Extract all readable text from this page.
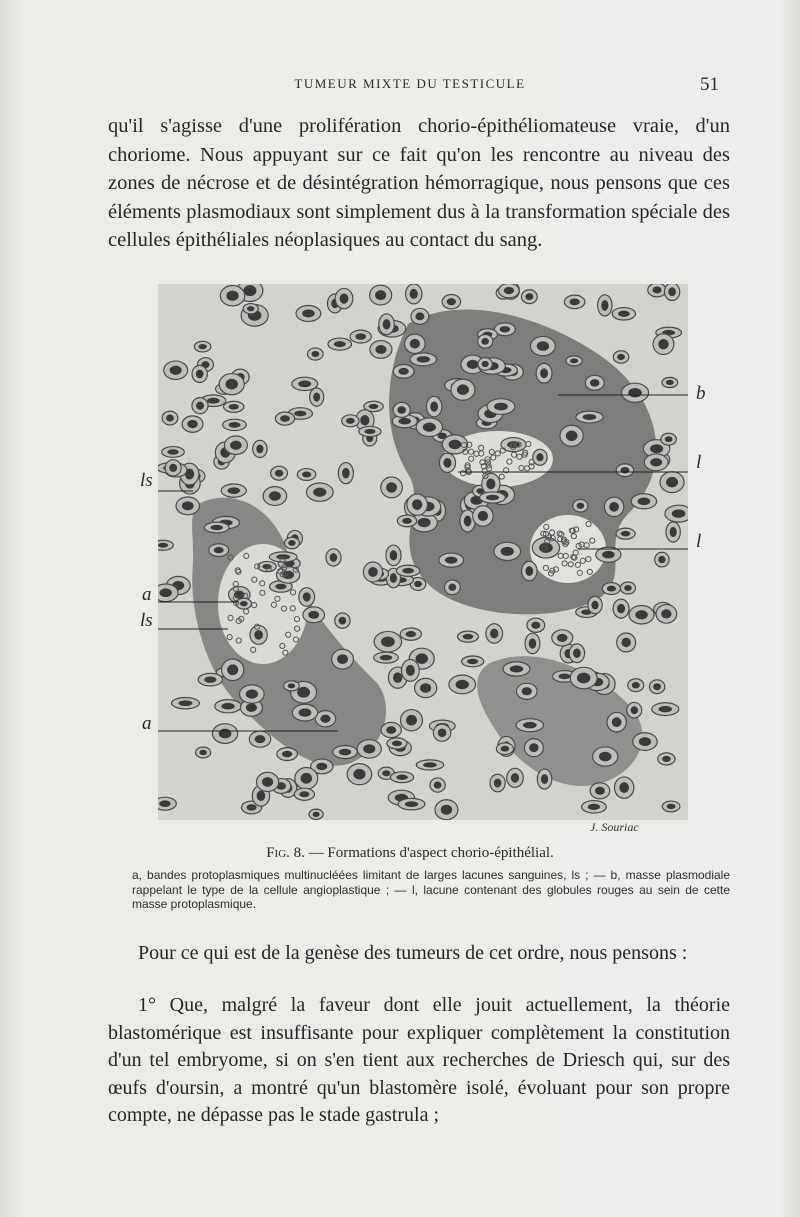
TUMEUR MIXTE DU TESTICULE	51
qu'il s'agisse d'une prolifération chorio-épithéliomateuse vraie, d'un choriome. Nous appuyant sur ce fait qu'on les rencontre au niveau des zones de nécrose et de désintégration hémorragique, nous pensons que ces éléments plasmodiaux sont simplement dus à la transformation spéciale des cellules épithéliales néoplasiques au contact du sang.
b
l
l
ls
a
ls
a
J. Souriac
Fig. 8. — Formations d'aspect chorio-épithélial.
a, bandes protoplasmiques multinucléées limitant de larges lacunes sanguines, ls ; — b, masse plasmodiale rappelant le type de la cellule angioplastique ; — l, lacune contenant des globules rouges au sein de cette masse protoplasmique.
Pour ce qui est de la genèse des tumeurs de cet ordre, nous pensons :
1° Que, malgré la faveur dont elle jouit actuellement, la théorie blastomérique est insuffisante pour expliquer complètement la constitution d'un tel embryome, si on s'en tient aux recherches de Driesch qui, sur des œufs d'oursin, a montré qu'un blastomère isolé, évoluant pour son propre compte, ne dépasse pas le stade gastrula ;
